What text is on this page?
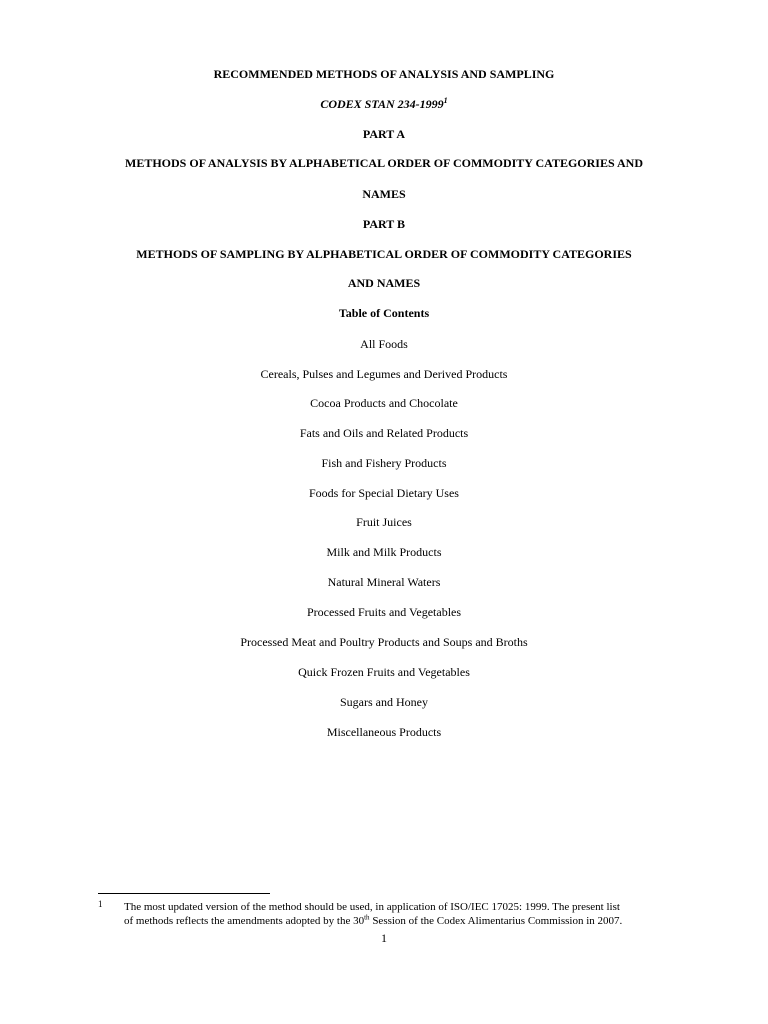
RECOMMENDED METHODS OF ANALYSIS AND SAMPLING
CODEX STAN 234-1999$^1$
PART A
METHODS OF ANALYSIS BY ALPHABETICAL ORDER OF COMMODITY CATEGORIES AND
NAMES
PART B
METHODS OF SAMPLING BY ALPHABETICAL ORDER OF COMMODITY CATEGORIES
AND NAMES
Table of Contents
All Foods
Cereals, Pulses and Legumes and Derived Products
Cocoa Products and Chocolate
Fats and Oils and Related Products
Fish and Fishery Products
Foods for Special Dietary Uses
Fruit Juices
Milk and Milk Products
Natural Mineral Waters
Processed Fruits and Vegetables
Processed Meat and Poultry Products and Soups and Broths
Quick Frozen Fruits and Vegetables
Sugars and Honey
Miscellaneous Products
1 The most updated version of the method should be used, in application of ISO/IEC 17025: 1999. The present list
of methods reflects the amendments adopted by the 30th Session of the Codex Alimentarius Commission in 2007.
1
